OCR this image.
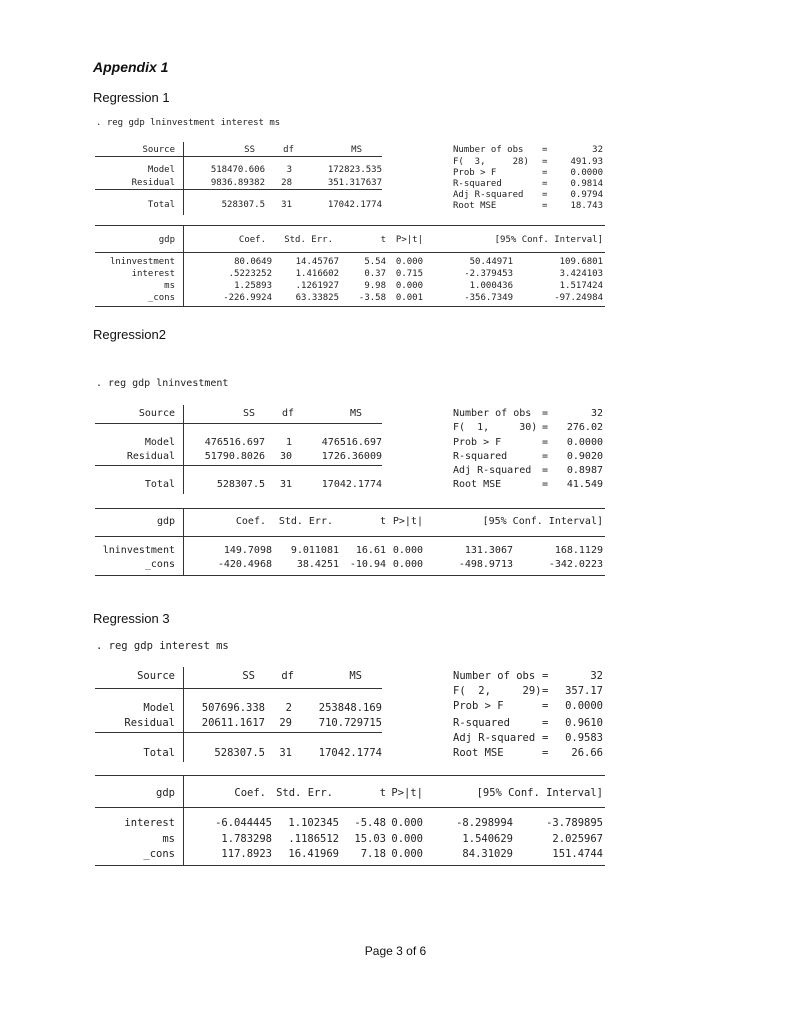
Appendix 1
Regression 1
. reg gdp lninvestment interest ms
Source	SS	df	MS
Model	518470.606 3	172823.535
Residual	9836.89382 28	351.317637
Total	528307.5 31	17042.1774
Number of obs =	32
F(  3,     28) =	491.93
Prob > F	=	0.0000
R-squared	=	0.9814
Adj R-squared =	0.9794
Root MSE	=	18.743
gdp	Coef. Std. Err.	t P>|t|	[95% Conf. Interval]
lninvestment	80.0649	14.45767	5.54 0.000	50.44971	109.6801
interest	.5223252	1.416602	0.37 0.715	-2.379453	3.424103
ms	1.25893	.1261927	9.98 0.000	1.000436	1.517424
_cons	-226.9924	63.33825 -3.58 0.001	-356.7349	-97.24984
Regression2
. reg gdp lninvestment
Source	SS	df	MS
Model	476516.697 1	476516.697
Residual	51790.8026 30	1726.36009
Total	528307.5 31	17042.1774
Number of obs =	32
F(  1,     30) = 276.02
Prob > F	= 0.0000
R-squared	= 0.9020
Adj R-squared = 0.8987
Root MSE	= 41.549
gdp	Coef. Std. Err.	t P>|t|	[95% Conf. Interval]
lninvestment	149.7098 9.011081 16.61 0.000	131.3067	168.1129
_cons	-420.4968 38.4251 -10.94 0.000	-498.9713	-342.0223
Regression 3
. reg gdp interest ms
Source	SS	df	MS
Model	507696.338 2	253848.169
Residual	20611.1617 29	710.729715
Total	528307.5 31	17042.1774
Number of obs =	32
F(  2,     29) = 357.17
Prob > F	= 0.0000
R-squared	= 0.9610
Adj R-squared = 0.9583
Root MSE	= 26.66
gdp	Coef. Std. Err.	t P>|t|	[95% Conf. Interval]
interest	-6.044445 1.102345 -5.48 0.000	-8.298994	-3.789895
ms	1.783298 .1186512 15.03 0.000	1.540629	2.025967
_cons	117.8923 16.41969 7.18 0.000	84.31029	151.4744
Page 3 of 6
